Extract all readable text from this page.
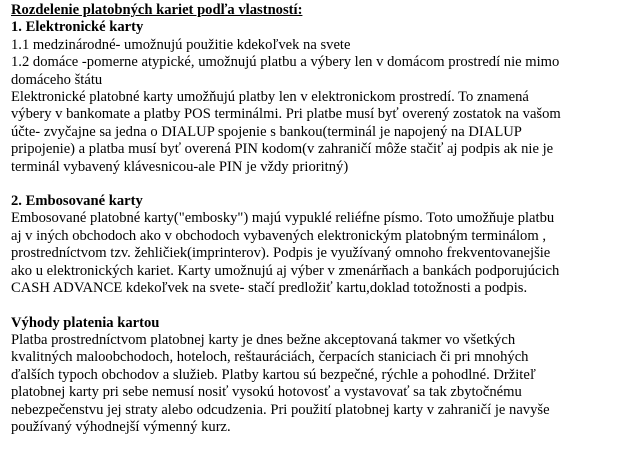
Rozdelenie platobných kariet podľa vlastností:
1. Elektronické karty
1.1 medzinárodné- umožnujú použitie kdekoľvek na svete
1.2 domáce -pomerne atypické, umožnujú platbu a výbery len v domácom prostredí nie mimo
domáceho štátu
Elektronické platobné karty umožňujú platby len v elektronickom prostredí. To znamená
výbery v bankomate a platby POS terminálmi. Pri platbe musí byť overený zostatok na vašom
účte- zvyčajne sa jedna o DIALUP spojenie s bankou(terminál je napojený na DIALUP
pripojenie) a platba musí byť overená PIN kodom(v zahraničí môže stačiť aj podpis ak nie je
terminál vybavený klávesnicou-ale PIN je vždy prioritný)
2. Embosované karty
Embosované platobné karty("embosky") majú vypuklé reliéfne písmo. Toto umožňuje platbu
aj v iných obchodoch ako v obchodoch vybavených elektronickým platobným terminálom ,
prostredníctvom tzv. žehličiek(imprinterov). Podpis je využívaný omnoho frekventovanejšie
ako u elektronických kariet. Karty umožnujú aj výber v zmenárňach a bankách podporujúcich
CASH ADVANCE kdekoľvek na svete- stačí predložiť kartu,doklad totožnosti a podpis.
Výhody platenia kartou
Platba prostredníctvom platobnej karty je dnes bežne akceptovaná takmer vo všetkých
kvalitných maloobchodoch, hoteloch, reštauráciách, čerpacích staniciach či pri mnohých
ďalších typoch obchodov a služieb. Platby kartou sú bezpečné, rýchle a pohodlné. Držiteľ
platobnej karty pri sebe nemusí nosiť vysokú hotovosť a vystavovať sa tak zbytočnému
nebezpečenstvu jej straty alebo odcudzenia. Pri použití platobnej karty v zahraničí je navyše
používaný výhodnejší výmenný kurz.
